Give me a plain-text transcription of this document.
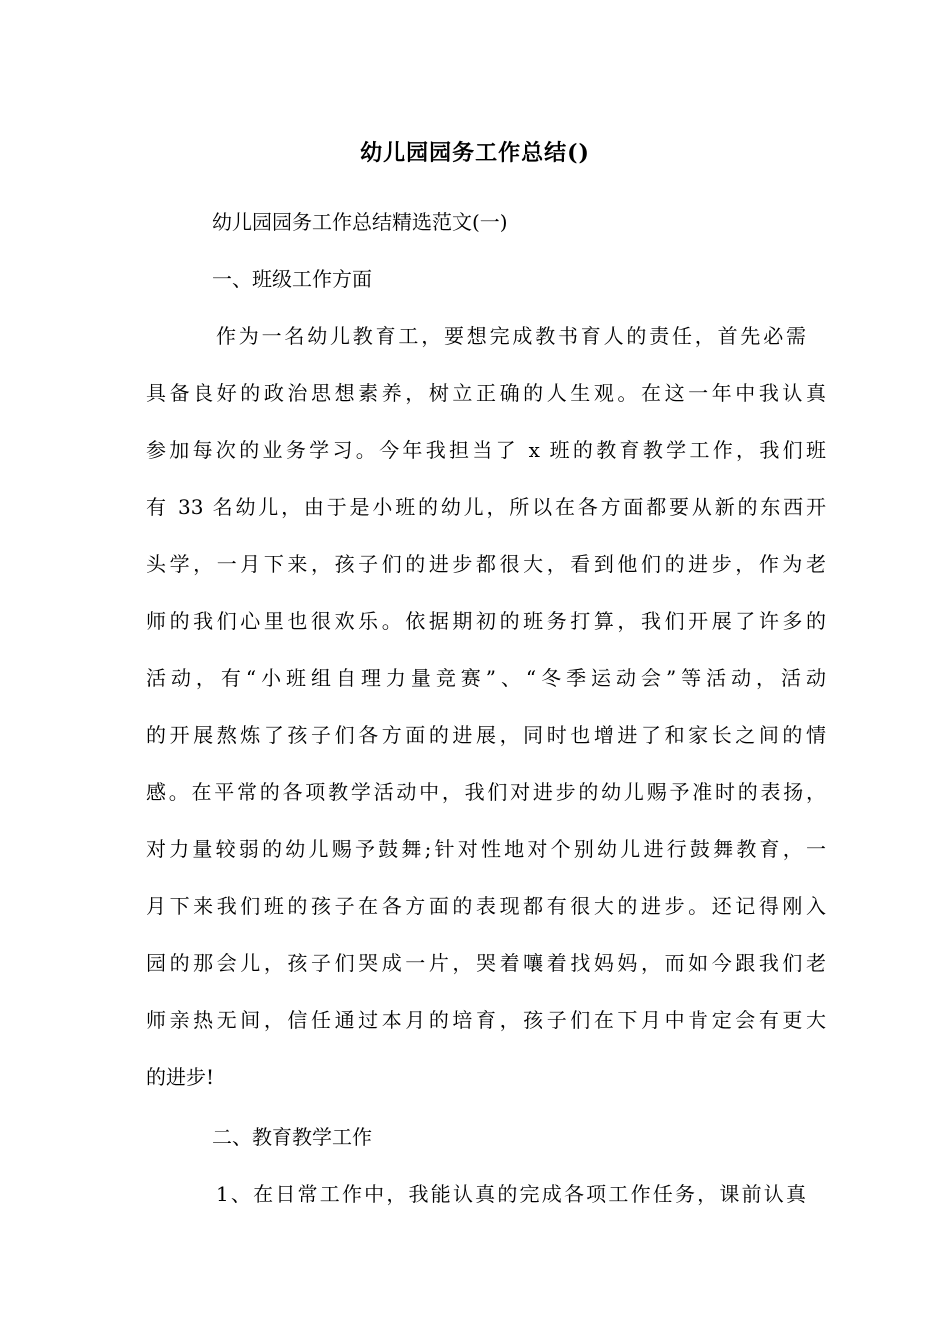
幼儿园园务工作总结()
幼儿园园务工作总结精选范文(一)
一、班级工作方面
作为一名幼儿教育工，要想完成教书育人的责任，首先必需
具备良好的政治思想素养，树立正确的人生观。在这一年中我认真
参加每次的业务学习。今年我担当了 x 班的教育教学工作，我们班
有 33 名幼儿，由于是小班的幼儿，所以在各方面都要从新的东西开
头学，一月下来，孩子们的进步都很大，看到他们的进步，作为老
师的我们心里也很欢乐。依据期初的班务打算，我们开展了许多的
活动，有“小班组自理力量竞赛”、“冬季运动会”等活动，活动
的开展熬炼了孩子们各方面的进展，同时也增进了和家长之间的情
感。在平常的各项教学活动中，我们对进步的幼儿赐予准时的表扬，
对力量较弱的幼儿赐予鼓舞;针对性地对个别幼儿进行鼓舞教育，一
月下来我们班的孩子在各方面的表现都有很大的进步。还记得刚入
园的那会儿，孩子们哭成一片，哭着嚷着找妈妈，而如今跟我们老
师亲热无间，信任通过本月的培育，孩子们在下月中肯定会有更大
的进步!
二、教育教学工作
1、在日常工作中，我能认真的完成各项工作任务，课前认真
